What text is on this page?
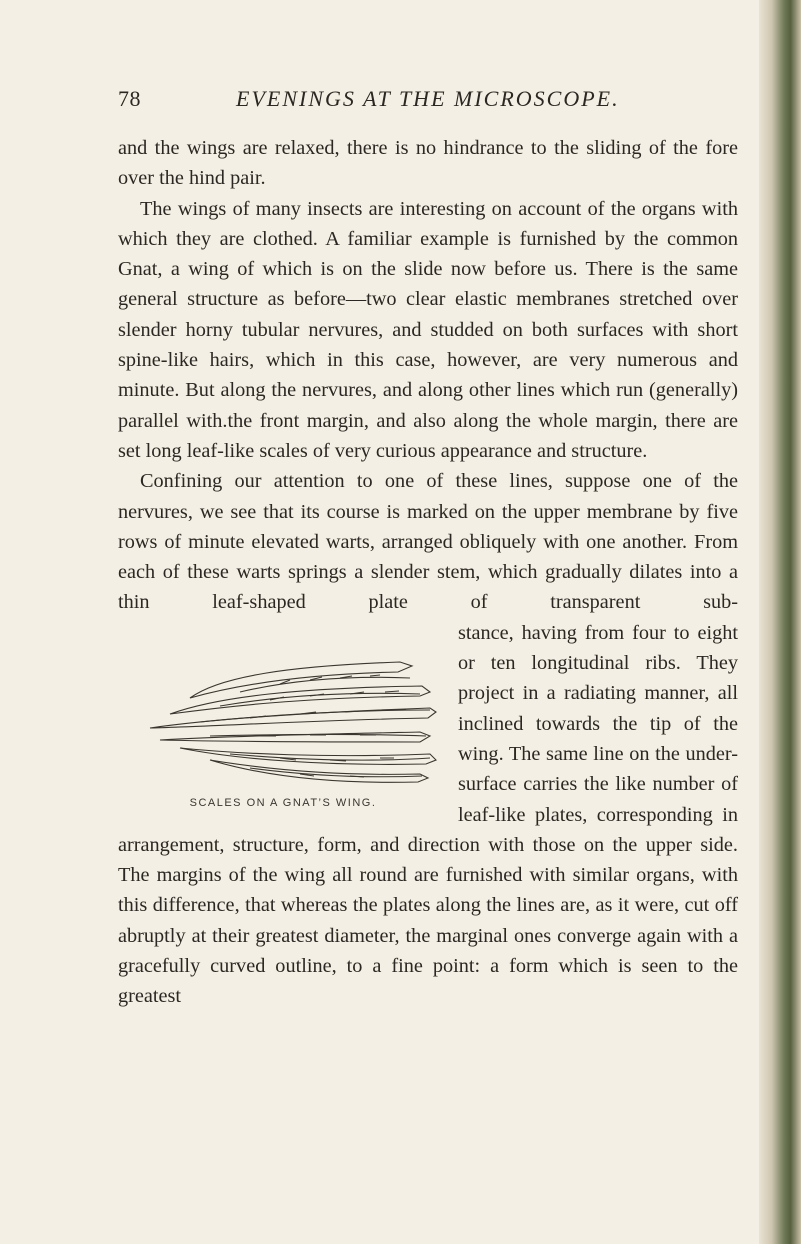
78	EVENINGS AT THE MICROSCOPE.

and the wings are relaxed, there is no hindrance to the sliding of the fore over the hind pair.

The wings of many insects are interesting on account of the organs with which they are clothed. A familiar example is furnished by the common Gnat, a wing of which is on the slide now before us. There is the same general structure as before—two clear elastic membranes stretched over slender horny tubular nervures, and studded on both surfaces with short spine-like hairs, which in this case, however, are very numerous and minute. But along the nervures, and along other lines which run (generally) parallel with.the front margin, and also along the whole margin, there are set long leaf-like scales of very curious appearance and structure.

Confining our attention to one of these lines, suppose one of the nervures, we see that its course is marked on the upper membrane by five rows of minute elevated warts, arranged obliquely with one another. From each of these warts springs a slender stem, which gradually dilates into a thin leaf-shaped plate of transparent sub-

SCALES ON A GNAT’S WING.

stance, having from four to eight or ten longitudinal ribs. They project in a radiating manner, all inclined towards the tip of the wing. The same line on the under-surface carries the like number of leaf-like plates, corresponding in arrangement, structure, form, and direction with those on the upper side. The margins of the wing all round are furnished with similar organs, with this difference, that whereas the plates along the lines are, as it were, cut off abruptly at their greatest diameter, the marginal ones converge again with a gracefully curved outline, to a fine point: a form which is seen to the greatest
